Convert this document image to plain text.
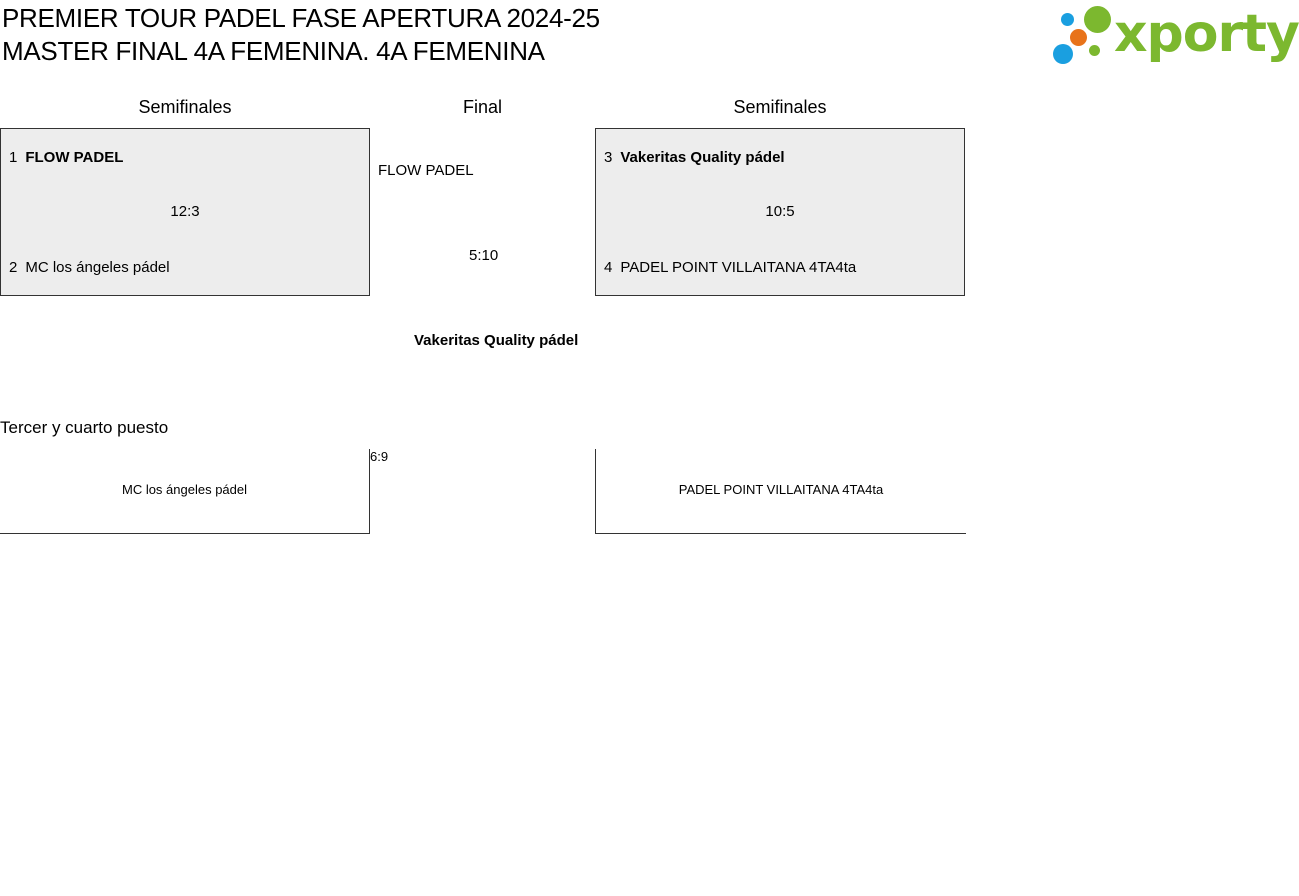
PREMIER TOUR PADEL FASE APERTURA 2024-25
MASTER FINAL 4A FEMENINA. 4A FEMENINA	xporty
Semifinales	Final	Semifinales
1 FLOW PADEL
12:3
2 MC los ángeles pádel
FLOW PADEL
5:10
Vakeritas Quality pádel
3 Vakeritas Quality pádel
10:5
4 PADEL POINT VILLAITANA 4TA4ta
Tercer y cuarto puesto
MC los ángeles pádel
6:9
PADEL POINT VILLAITANA 4TA4ta
